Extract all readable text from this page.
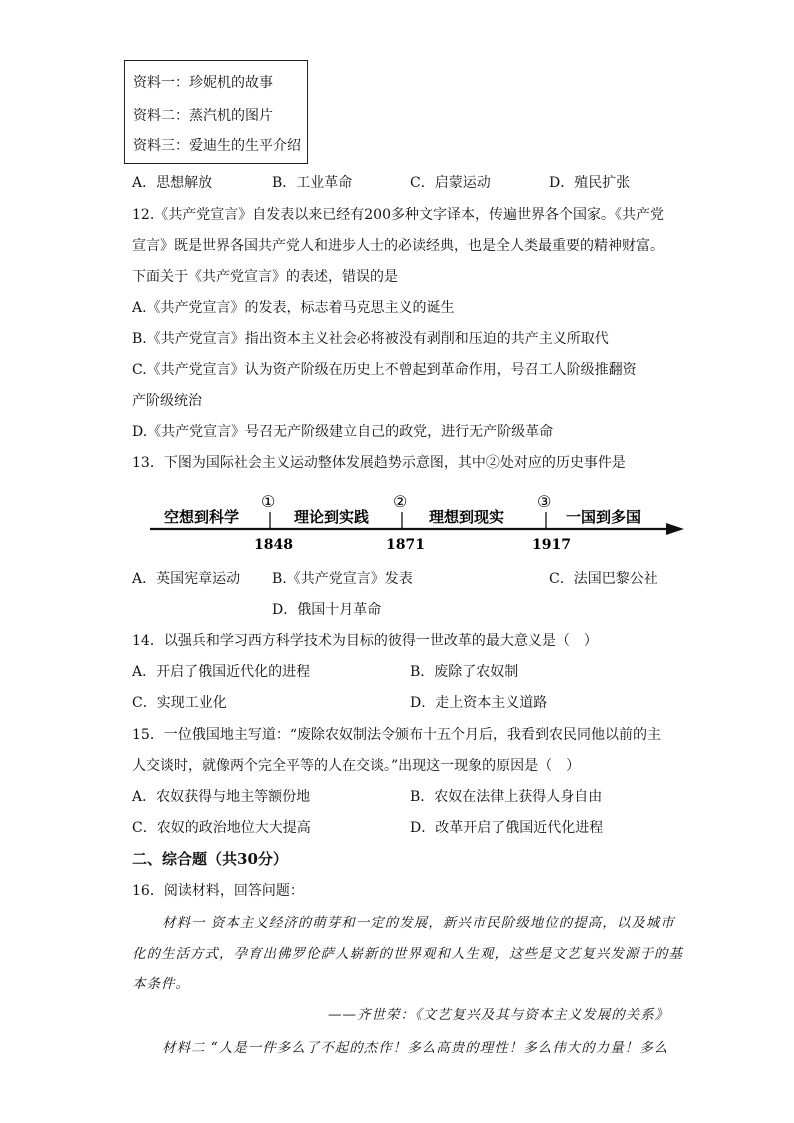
资料一：珍妮机的故事
资料二：蒸汽机的图片
资料三：爱迪生的生平介绍
A．思想解放	B．工业革命	C．启蒙运动	D．殖民扩张
12.《共产党宣言》自发表以来已经有200多种文字译本，传遍世界各个国家。《共产党
宣言》既是世界各国共产党人和进步人士的必读经典，也是全人类最重要的精神财富。
下面关于《共产党宣言》的表述，错误的是
A.《共产党宣言》的发表，标志着马克思主义的诞生
B.《共产党宣言》指出资本主义社会必将被没有剥削和压迫的共产主义所取代
C.《共产党宣言》认为资产阶级在历史上不曾起到革命作用，号召工人阶级推翻资
产阶级统治
D.《共产党宣言》号召无产阶级建立自己的政党，进行无产阶级革命
13．下图为国际社会主义运动整体发展趋势示意图，其中②处对应的历史事件是
空想到科学	理论到实践	理想到现实	一国到多国
①	②	③
1848	1871	1917
A．英国宪章运动 B.《共产党宣言》发表	C．法国巴黎公社
D．俄国十月革命
14．以强兵和学习西方科学技术为目标的彼得一世改革的最大意义是（　）
A．开启了俄国近代化的进程	B．废除了农奴制
C．实现工业化	D．走上资本主义道路
15．一位俄国地主写道：“废除农奴制法令颁布十五个月后，我看到农民同他以前的主
人交谈时，就像两个完全平等的人在交谈。”出现这一现象的原因是（　）
A．农奴获得与地主等额份地	B．农奴在法律上获得人身自由
C．农奴的政治地位大大提高	D．改革开启了俄国近代化进程
二、综合题（共30分）
16．阅读材料，回答问题：
材料一 资本主义经济的萌芽和一定的发展，新兴市民阶级地位的提高，以及城市
化的生活方式，孕育出佛罗伦萨人崭新的世界观和人生观，这些是文艺复兴发源于的基
本条件。
——齐世荣：《文艺复兴及其与资本主义发展的关系》
材料二 “人是一件多么了不起的杰作！多么高贵的理性！多么伟大的力量！多么
